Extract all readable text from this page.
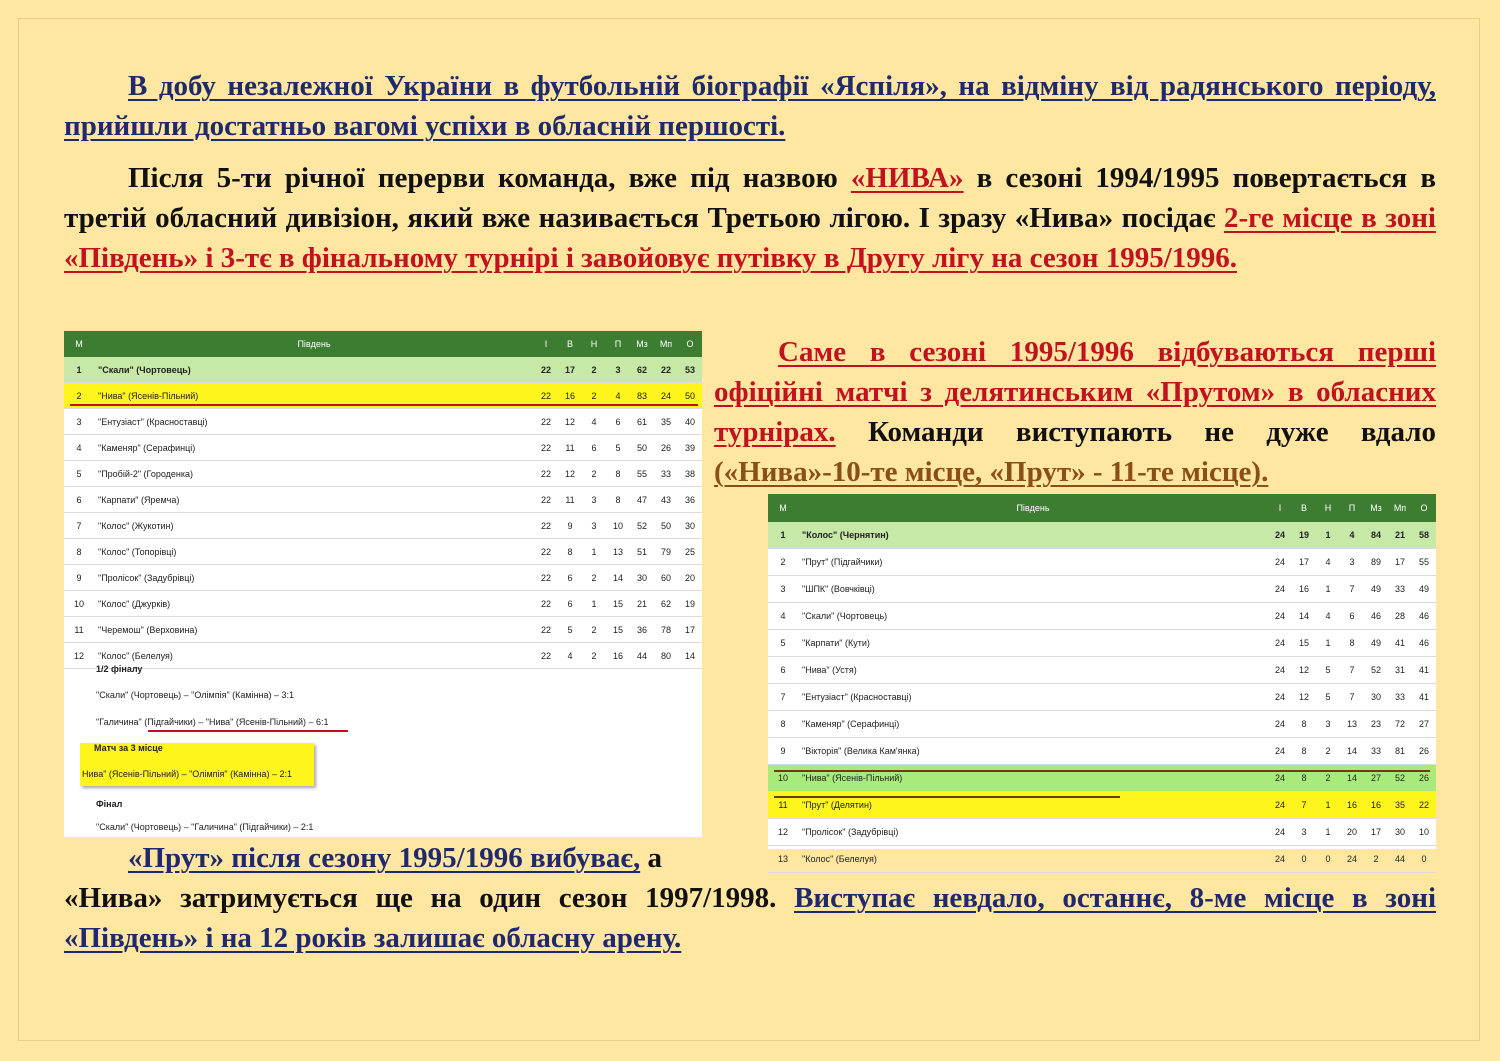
В добу незалежної України в футбольній біографії «Яспіля», на відміну від радянського періоду, прийшли достатньо вагомі успіхи в обласній першості.

Після 5-ти річної перерви команда, вже під назвою «НИВА» в сезоні 1994/1995 повертається в третій обласний дивізіон, який вже називається Третьою лігою. І зразу «Нива» посідає 2-ге місце в зоні «Південь» і 3-тє в фінальному турнірі і завойовує путівку в Другу лігу на сезон 1995/1996.

М	Південь	І	В	Н	П	Мз	Мп	О
1	"Скали" (Чортовець)	22	17	2	3	62	22	53
2	"Нива" (Ясенів-Пільний)	22	16	2	4	83	24	50
3	"Ентузіаст" (Красноставці)	22	12	4	6	61	35	40
4	"Каменяр" (Серафинці)	22	11	6	5	50	26	39
5	"Пробій-2" (Городенка)	22	12	2	8	55	33	38
6	"Карпати" (Яремча)	22	11	3	8	47	43	36
7	"Колос" (Жукотин)	22	9	3	10	52	50	30
8	"Колос" (Топорівці)	22	8	1	13	51	79	25
9	"Пролісок" (Задубрівці)	22	6	2	14	30	60	20
10	"Колос" (Джурків)	22	6	1	15	21	62	19
11	"Черемош" (Верховина)	22	5	2	15	36	78	17
12	"Колос" (Белелуя)	22	4	2	16	44	80	14
1/2 фіналу
"Скали" (Чортовець) – "Олімпія" (Камінна) – 3:1
"Галичина" (Підгайчики) – "Нива" (Ясенів-Пільний) – 6:1
Фінал
"Скали" (Чортовець) – "Галичина" (Підгайчики) – 2:1
Матч за 3 місце
Нива" (Ясенів-Пільний) – "Олімпія" (Камінна) – 2:1
Саме в сезоні 1995/1996 відбуваються перші офіційні матчі з делятинським «Прутом» в обласних турнірах. Команди виступають не дуже вдало («Нива»-10-те місце, «Прут» - 11-те місце).
М	Південь	І	В	Н	П	Мз	Мп	О
1	"Колос" (Чернятин)	24	19	1	4	84	21	58
2	"Прут" (Підгайчики)	24	17	4	3	89	17	55
3	"ШПК" (Вовчківці)	24	16	1	7	49	33	49
4	"Скали" (Чортовець)	24	14	4	6	46	28	46
5	"Карпати" (Кути)	24	15	1	8	49	41	46
6	"Нива" (Устя)	24	12	5	7	52	31	41
7	"Ентузіаст" (Красноставці)	24	12	5	7	30	33	41
8	"Каменяр" (Серафинці)	24	8	3	13	23	72	27
9	"Вікторія" (Велика Кам'янка)	24	8	2	14	33	81	26
10	"Нива" (Ясенів-Пільний)	24	8	2	14	27	52	26
11	"Прут" (Делятин)	24	7	1	16	16	35	22
12	"Пролісок" (Задубрівці)	24	3	1	20	17	30	10
13	"Колос" (Белелуя)	24	0	0	24	2	44	0
«Прут» після сезону 1995/1996 вибуває, а

«Нива» затримується ще на один сезон 1997/1998. Виступає невдало, останнє, 8-ме місце в зоні «Південь» і на 12 років залишає обласну арену.
